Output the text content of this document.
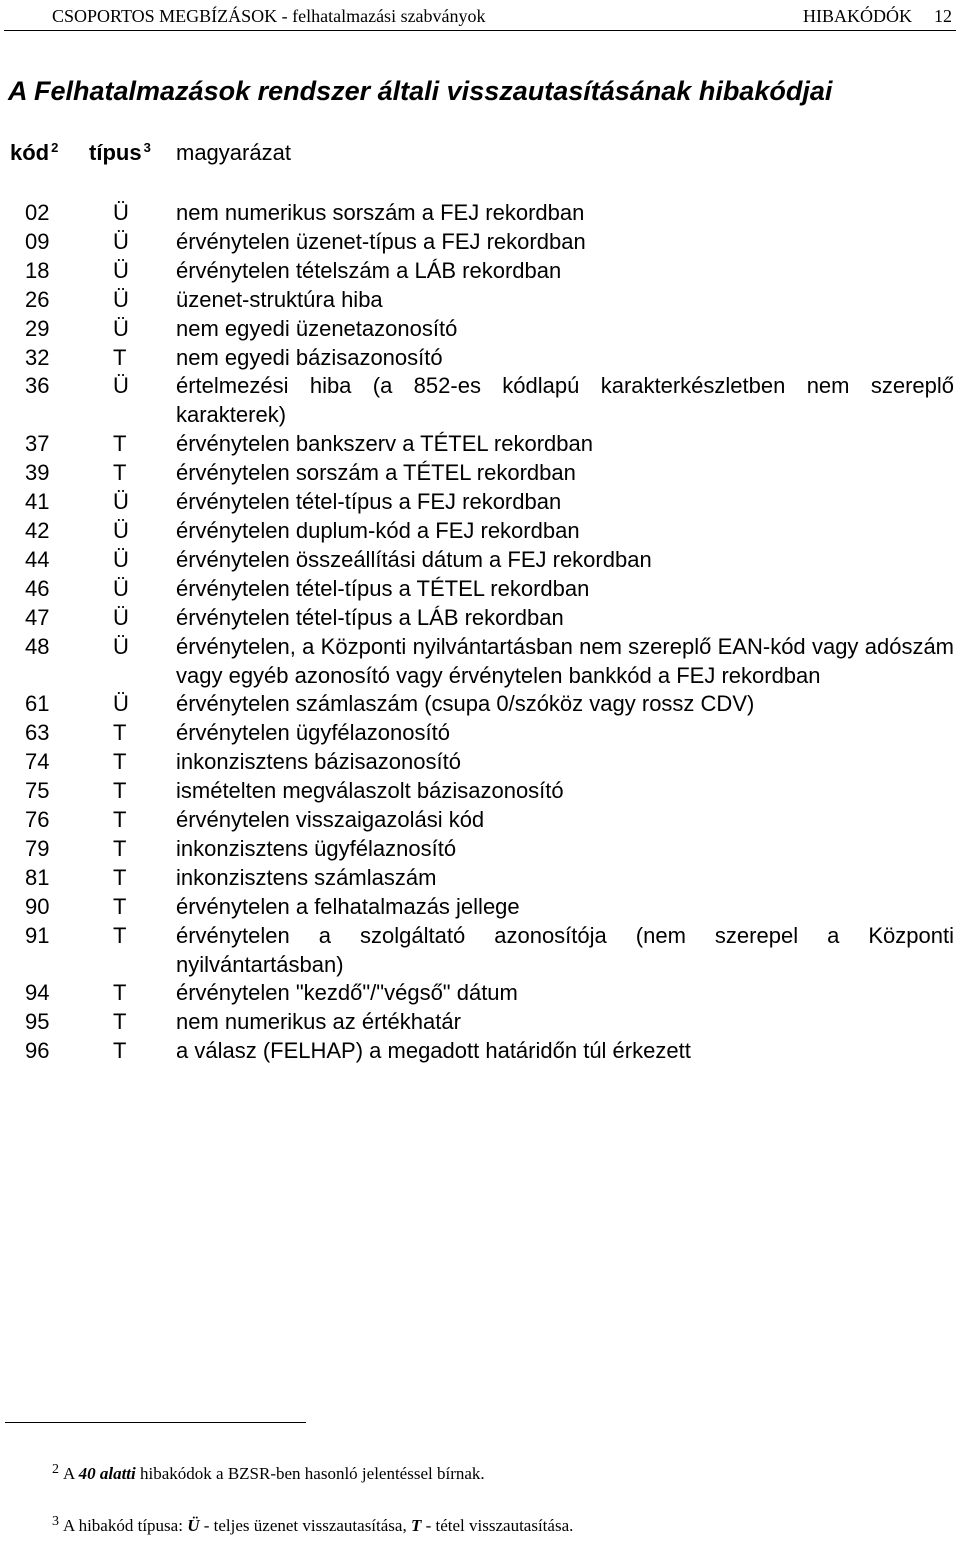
CSOPORTOS MEGBÍZÁSOK - felhatalmazási szabványok	HIBAKÓDÓK 12
A Felhatalmazások rendszer általi visszautasításának hibakódjai
kód $^2$ típus $^3$ magyarázat
02	Ü nem numerikus sorszám a FEJ rekordban
09	Ü érvénytelen üzenet-típus a FEJ rekordban
18	Ü érvénytelen tételszám a LÁB rekordban
26	Ü üzenet-struktúra hiba
29	Ü nem egyedi üzenetazonosító
32	T nem egyedi bázisazonosító
36	Ü értelmezési hiba (a 852-es kódlapú karakterkészletben nem szereplő karakterek)
37	T érvénytelen bankszerv a TÉTEL rekordban
39	T érvénytelen sorszám a TÉTEL rekordban
41	Ü érvénytelen tétel-típus a FEJ rekordban
42	Ü érvénytelen duplum-kód a FEJ rekordban
44	Ü érvénytelen összeállítási dátum a FEJ rekordban
46	Ü érvénytelen tétel-típus a TÉTEL rekordban
47	Ü érvénytelen tétel-típus a LÁB rekordban
48	Ü érvénytelen, a Központi nyilvántartásban nem szereplő EAN-kód vagy adószám vagy egyéb azonosító vagy érvénytelen bankkód a FEJ rekordban
61	Ü érvénytelen számlaszám (csupa 0/szóköz vagy rossz CDV)
63	T érvénytelen ügyfélazonosító
74	T inkonzisztens bázisazonosító
75	T ismételten megválaszolt bázisazonosító
76	T érvénytelen visszaigazolási kód
79	T inkonzisztens ügyfélaznosító
81	T inkonzisztens számlaszám
90	T érvénytelen a felhatalmazás jellege
91	T érvénytelen a szolgáltató azonosítója (nem szerepel a Központi nyilvántartásban)
94	T érvénytelen "kezdő"/"végső" dátum
95	T nem numerikus az értékhatár
96	T a válasz (FELHAP) a megadott határidőn túl érkezett
$^2$ A 40 alatti hibakódok a BZSR-ben hasonló jelentéssel bírnak.
$^3$ A hibakód típusa: Ü - teljes üzenet visszautasítása, T - tétel visszautasítása.
